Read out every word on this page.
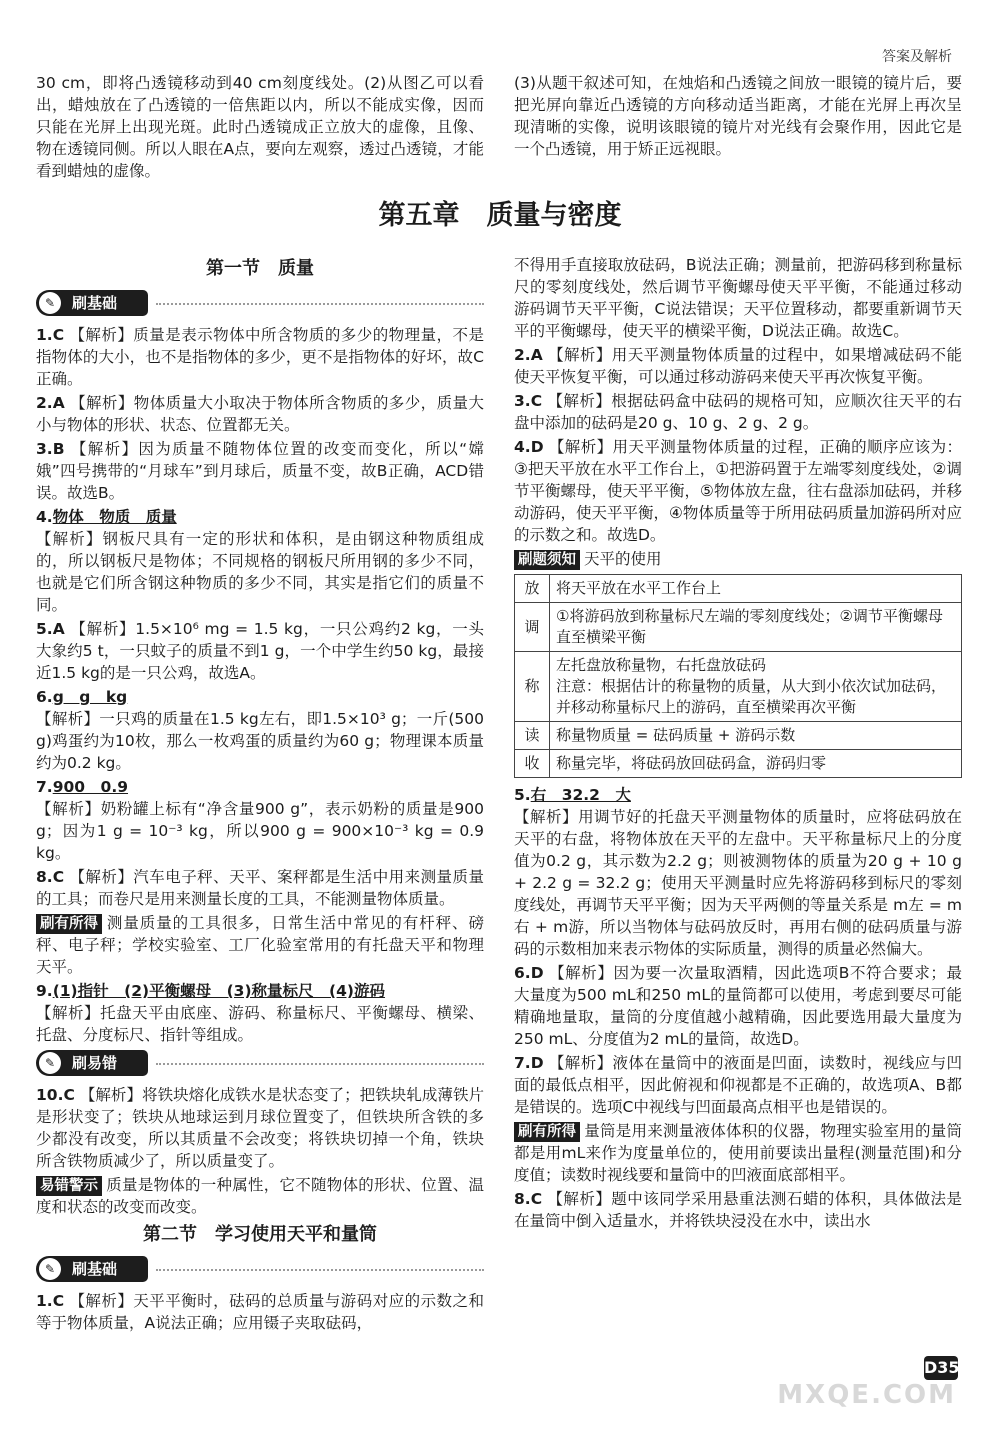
答案及解析

30 cm，即将凸透镜移动到40 cm刻度线处。(2)从图乙可以看出，蜡烛放在了凸透镜的一倍焦距以内，所以不能成实像，因而只能在光屏上出现光斑。此时凸透镜成正立放大的虚像，且像、物在透镜同侧。所以人眼在A点，要向左观察，透过凸透镜，才能看到蜡烛的虚像。

(3)从题干叙述可知，在烛焰和凸透镜之间放一眼镜的镜片后，要把光屏向靠近凸透镜的方向移动适当距离，才能在光屏上再次呈现清晰的实像，说明该眼镜的镜片对光线有会聚作用，因此它是一个凸透镜，用于矫正远视眼。

第五章　质量与密度
第一节　质量
✎	刷基础

1.C 【解析】质量是表示物体中所含物质的多少的物理量，不是指物体的大小，也不是指物体的多少，更不是指物体的好坏，故C正确。

2.A 【解析】物体质量大小取决于物体所含物质的多少，质量大小与物体的形状、状态、位置都无关。

3.B 【解析】因为质量不随物体位置的改变而变化，所以“嫦娥”四号携带的“月球车”到月球后，质量不变，故B正确，ACD错误。故选B。

4.物体　物质　质量
【解析】钢板尺具有一定的形状和体积，是由钢这种物质组成的，所以钢板尺是物体；不同规格的钢板尺所用钢的多少不同，也就是它们所含钢这种物质的多少不同，其实是指它们的质量不同。

5.A 【解析】1.5×10⁶ mg = 1.5 kg，一只公鸡约2 kg，一头大象约5 t，一只蚊子的质量不到1 g，一个中学生约50 kg，最接近1.5 kg的是一只公鸡，故选A。

6.g　g　kg
【解析】一只鸡的质量在1.5 kg左右，即1.5×10³ g；一斤(500 g)鸡蛋约为10枚，那么一枚鸡蛋的质量约为60 g；物理课本质量约为0.2 kg。

7.900　0.9
【解析】奶粉罐上标有“净含量900 g”，表示奶粉的质量是900 g；因为1 g = 10⁻³ kg，所以900 g = 900×10⁻³ kg = 0.9 kg。

8.C 【解析】汽车电子秤、天平、案秤都是生活中用来测量质量的工具；而卷尺是用来测量长度的工具，不能测量物体质量。

刷有所得 测量质量的工具很多，日常生活中常见的有杆秤、磅秤、电子秤；学校实验室、工厂化验室常用的有托盘天平和物理天平。

9.(1)指针　(2)平衡螺母　(3)称量标尺　(4)游码
【解析】托盘天平由底座、游码、称量标尺、平衡螺母、横梁、托盘、分度标尺、指针等组成。

✎	刷易错

10.C 【解析】将铁块熔化成铁水是状态变了；把铁块轧成薄铁片是形状变了；铁块从地球运到月球位置变了，但铁块所含铁的多少都没有改变，所以其质量不会改变；将铁块切掉一个角，铁块所含铁物质减少了，所以质量变了。

易错警示 质量是物体的一种属性，它不随物体的形状、位置、温度和状态的改变而改变。

第二节　学习使用天平和量筒
✎	刷基础

1.C 【解析】天平平衡时，砝码的总质量与游码对应的示数之和等于物体质量，A说法正确；应用镊子夹取砝码，

不得用手直接取放砝码，B说法正确；测量前，把游码移到称量标尺的零刻度线处，然后调节平衡螺母使天平平衡，不能通过移动游码调节天平平衡，C说法错误；天平位置移动，都要重新调节天平的平衡螺母，使天平的横梁平衡，D说法正确。故选C。

2.A 【解析】用天平测量物体质量的过程中，如果增减砝码不能使天平恢复平衡，可以通过移动游码来使天平再次恢复平衡。

3.C 【解析】根据砝码盒中砝码的规格可知，应顺次往天平的右盘中添加的砝码是20 g、10 g、2 g、2 g。

4.D 【解析】用天平测量物体质量的过程，正确的顺序应该为：③把天平放在水平工作台上，①把游码置于左端零刻度线处，②调节平衡螺母，使天平平衡，⑤物体放左盘，往右盘添加砝码，并移动游码，使天平平衡，④物体质量等于所用砝码质量加游码所对应的示数之和。故选D。

刷题须知 天平的使用

放	将天平放在水平工作台上
调	①将游码放到称量标尺左端的零刻度线处；②调节平衡螺母直至横梁平衡
称	左托盘放称量物，右托盘放砝码
注意：根据估计的称量物的质量，从大到小依次试加砝码，并移动称量标尺上的游码，直至横梁再次平衡
读	称量物质量 = 砝码质量 + 游码示数
收	称量完毕，将砝码放回砝码盒，游码归零

5.右　32.2　大
【解析】用调节好的托盘天平测量物体的质量时，应将砝码放在天平的右盘，将物体放在天平的左盘中。天平称量标尺上的分度值为0.2 g，其示数为2.2 g；则被测物体的质量为20 g + 10 g + 2.2 g = 32.2 g；使用天平测量时应先将游码移到标尺的零刻度线处，再调节天平平衡；因为天平两侧的等量关系是 m左 = m右 + m游，所以当物体与砝码放反时，再用右侧的砝码质量与游码的示数相加来表示物体的实际质量，测得的质量必然偏大。

6.D 【解析】因为要一次量取酒精，因此选项B不符合要求；最大量度为500 mL和250 mL的量筒都可以使用，考虑到要尽可能精确地量取，量筒的分度值越小越精确，因此要选用最大量度为250 mL、分度值为2 mL的量筒，故选D。

7.D 【解析】液体在量筒中的液面是凹面，读数时，视线应与凹面的最低点相平，因此俯视和仰视都是不正确的，故选项A、B都是错误的。选项C中视线与凹面最高点相平也是错误的。

刷有所得 量筒是用来测量液体体积的仪器，物理实验室用的量筒都是用mL来作为度量单位的，使用前要读出量程(测量范围)和分度值；读数时视线要和量筒中的凹液面底部相平。

8.C 【解析】题中该同学采用悬重法测石蜡的体积，具体做法是在量筒中倒入适量水，并将铁块浸没在水中，读出水

D35
MXQE.COM
